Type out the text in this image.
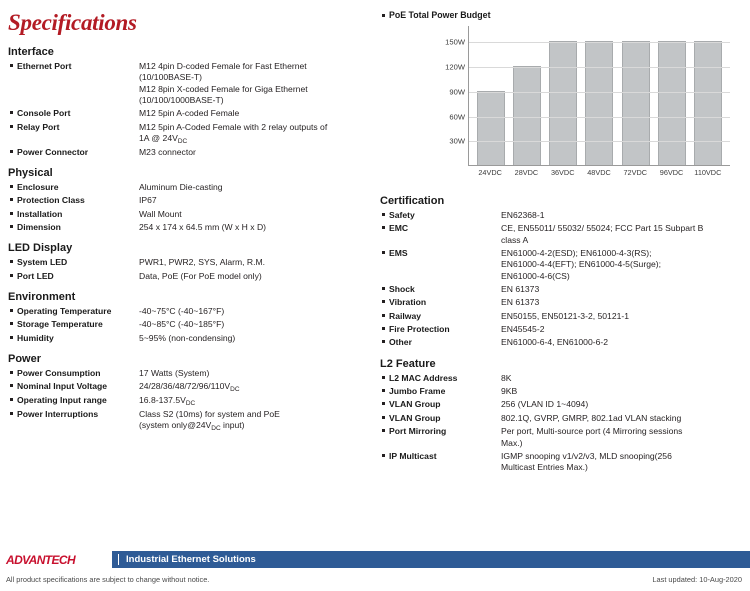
Specifications
Interface
Ethernet Port	M12 4pin D-coded Female for Fast Ethernet
(10/100BASE-T)
M12 8pin X-coded Female for Giga Ethernet
(10/100/1000BASE-T)
Console Port	M12 5pin A-coded Female
Relay Port	M12 5pin A-Coded Female with 2 relay outputs of
1A @ $24V_{DC}$
Power Connector	M23 connector
Physical
Enclosure	Aluminum Die-casting
Protection Class	IP67
Installation	Wall Mount
Dimension	254 x 174 x 64.5 mm (W x H x D)
LED Display
System LED	PWR1, PWR2, SYS, Alarm, R.M.
Port LED	Data, PoE (For PoE model only)
Environment
Operating Temperature	-40~75°C (-40~167°F)
Storage Temperature	-40~85°C (-40~185°F)
Humidity	5~95% (non-condensing)
Power
Power Consumption	17 Watts (System)
Nominal Input Voltage	$24/28/36/48/72/96/110V_{DC}$
Operating Input range	$16.8-137.5V_{DC}$
Power Interruptions	Class S2 (10ms) for system and PoE
(system $only@24V_{DC}$ input)
PoE Total Power Budget
30W
60W
90W
120W
150W
24VDC	28VDC	36VDC	48VDC	72VDC	96VDC	110VDC
Certification
Safety	EN62368-1
EMC	CE, EN55011/ 55032/ 55024; FCC Part 15 Subpart B
class A
EMS	EN61000-4-2(ESD); EN61000-4-3(RS);
EN61000-4-4(EFT); EN61000-4-5(Surge);
EN61000-4-6(CS)
Shock	EN 61373
Vibration	EN 61373
Railway	EN50155, EN50121-3-2, 50121-1
Fire Protection	EN45545-2
Other	EN61000-6-4, EN61000-6-2
L2 Feature
L2 MAC Address	8K
Jumbo Frame	9KB
VLAN Group	256 (VLAN ID 1~4094)
VLAN Group	802.1Q, GVRP, GMRP, 802.1ad VLAN stacking
Port Mirroring	Per port, Multi-source port (4 Mirroring sessions
Max.)
IP Multicast	IGMP snooping v1/v2/v3, MLD snooping(256
Multicast Entries Max.)
ADVANTECH	Industrial Ethernet Solutions
All product specifications are subject to change without notice.	Last updated: 10-Aug-2020
